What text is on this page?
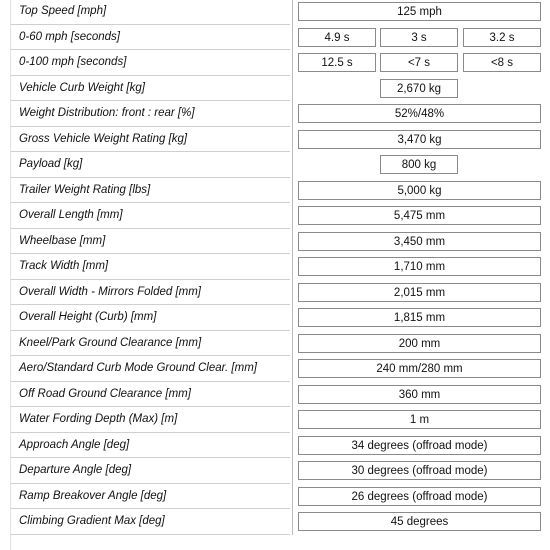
Top Speed [mph]	125 mph
0-60 mph [seconds]	4.9 s	3 s	3.2 s
0-100 mph [seconds]	12.5 s	<7 s	<8 s
Vehicle Curb Weight [kg]	2,670 kg
Weight Distribution: front : rear [%]	52%/48%
Gross Vehicle Weight Rating [kg]	3,470 kg
Payload [kg]	800 kg
Trailer Weight Rating [lbs]	5,000 kg
Overall Length [mm]	5,475 mm
Wheelbase [mm]	3,450 mm
Track Width [mm]	1,710 mm
Overall Width - Mirrors Folded [mm]	2,015 mm
Overall Height (Curb) [mm]	1,815 mm
Kneel/Park Ground Clearance [mm]	200 mm
Aero/Standard Curb Mode Ground Clear. [mm]	240 mm/280 mm
Off Road Ground Clearance [mm]	360 mm
Water Fording Depth (Max) [m]	1 m
Approach Angle [deg]	34 degrees (offroad mode)
Departure Angle [deg]	30 degrees (offroad mode)
Ramp Breakover Angle [deg]	26 degrees (offroad mode)
Climbing Gradient Max [deg]	45 degrees
